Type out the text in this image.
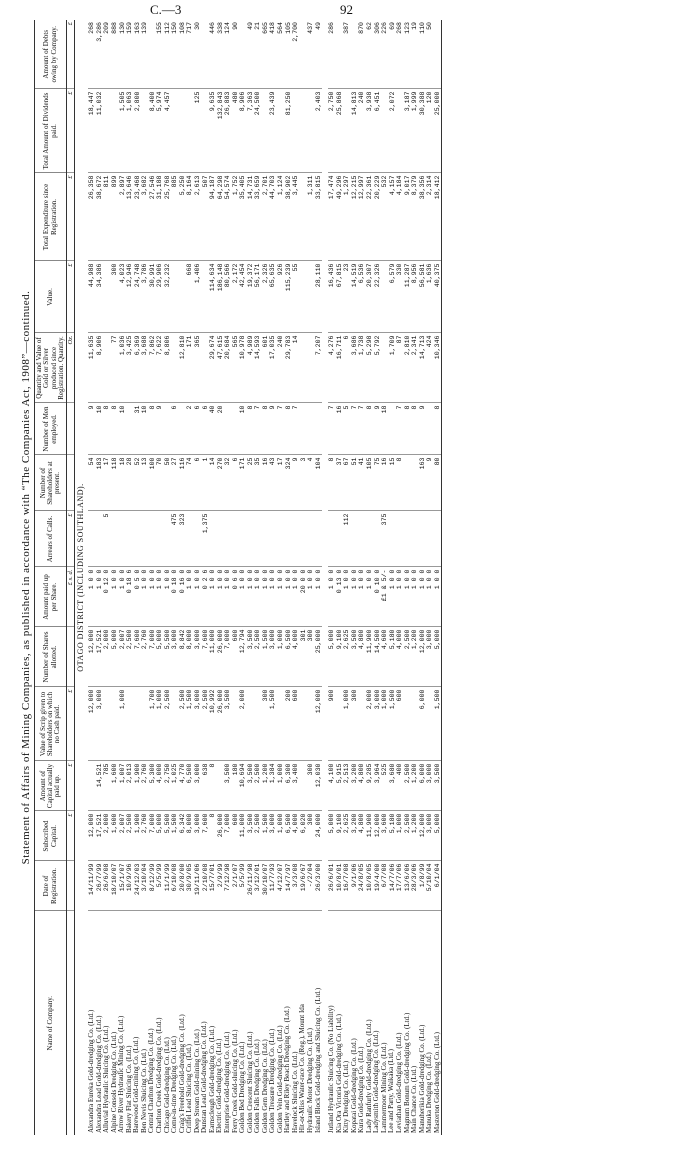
C.—3	92
Statement of Affairs of Mining Companies, as published in accordance with “The Companies Act, 1908”—continued.
Name of Company.	Date of Registration.	Subscribed Capital.	Amount of Capital actually paid up.	Value of Scrip given to Shareholders on which no Cash paid.	Number of Shares allotted.	Amount paid up per Share.	Arrears of Calls.	Number of Shareholders at present.	Number of Men employed.	Quantity and Value of Gold or Silver produced since Registration. Quantity.	Value.	Total Expenditure since Registration.	Total Amount of Dividends paid.	Amount of Debts owing by Company.
		£	£	£		£ s. d.	£			Oz.	£	£	£	£
OTAGO DISTRICT (INCLUDING SOUTHLAND).														
Alexandra Eureka Gold-dredging Co. (Ltd.)	14/11/99	12,000		12,000	12,000	1 0 0		54	9	11,635	44,988	26,358	18,447	268
Alexandra Lead Gold-dredging Co. (Ltd.)	26/7/99	17,521	14,521	3,000	17,521	1 0 0		183	10	8,906	34,386	38,672	11,032	3,286
Alluvial Hydraulic Sluicing Co. (Ltd.)	26/6/08	2,000	785		2,000	0 12 0	5	17	8			811		209
Alpine Consols Dredging Co. (Ltd.)	18/10/07	1,600	1,600		5,000	1 0 0		118	8	77	300	899		888
Arrow River Hydraulic Mining Co. (Ltd.)	15/1/07	2,007	1,007	1,000	2,007	1 0 0		18	10	1,036	4,023	2,897	1,505	130
Bakery Flat Sluicing Co. (Ltd.)	10/9/96	2,500	2,013		2,500	0 18 6		28		3,425	12,946	13,646	1,063	159
Barewood Gold-mining Co. (Ltd.)	24/12/03	1,900	1,900		7,600	0 5 0		52	31	6,369	24,748	23,468	2,800	163
Ben Nevis Sluicing Co. (Ltd.)	3/10/04	2,760	2,760		2,760	1 0 0		13	10	3,688	3,786	3,682		139
Central Charlton Dredging Co. (Ltd.)	8/12/99	7,000	5,300	1,700	7,000	1 0 0		100	8	7,862	30,991	27,546	8,400	
Charlton Creek Gold-dredging Co. (Ltd.)	5/5/99	5,000	4,000	1,000	5,000	1 0 0		70	9	7,622	29,906	31,188	5,974	155
Chicago Gold-dredging Co. (Ltd.)	11/1/99	5,500	2,750	2,500	5,500	1 0 0		50		8,806	32,232	25,768	4,457	112
Come-in-time Dredging Co. (Ltd.)	6/10/08	1,500	1,025		3,000	0 18 0	475	27	6			885		150
Craig's Freehold Gold-dredging Co. (Ltd.)	20/8/00	6,342	4,770	2,500	8,842	0 16 0	323	116		12,810		5,250		108
Criffel Lead Sluicing Co. (Ltd.)	30/9/05	8,000	6,500	1,500	8,000	1 0 0		74	2	171	668	8,164		717
Deep Stream Gold-mining Co. (Ltd.)	19/11/06	3,000	3,000	3,000	3,000	1 0 0		6	6	365	1,406	2,613	125	30
Dunstan Lead Gold-dredging Co. (Ltd.)	2/10/08	7,600	638	2,500	7,600	0 2 6	1,375	1	6			507		
Earnscleugh Gold-dredging Co. (Ltd.)	15/7/01	8	8	10,992	11,000	1 0 0		14	40	29,674	114,634	94,187	9,635	446
Electric Gold-dredging Co. (Ltd.)	2/9/99	26,000		26,000	26,000	1 0 0		270	20	47,615	186,148	64,298	132,843	338
Enterprise Gold-dredging Co. (Ltd.)	7/12/98	7,000	3,500	3,500	7,000	1 0 0		32		20,684	80,566	54,574	26,883	124
Ferry Creek Gold-sluicing Co. (Ltd.)	2/1/07	600	180		600	0 6 0		6		565	2,172	1,752	480	90
Golden Bed Dredging Co. (Ltd.)	5/5/99	11,000	10,694	2,000	12,794	1 0 0		171	10	10,978	42,454	35,405	8,906	
Golden Crescent Sluicing Co. (Ltd.)	26/11/98	3,500	3,500		3,500	1 0 0		25	8	4,989	19,372	14,731	7,363	49
Golden Falls Dredging Co. (Ltd.)	3/12/01	2,500	2,500		2,500	1 0 0		35	7	14,593	56,171	33,659	24,500	21
Golden Gem Dredging Co. (Ltd.)	30/10/07	1,500	1,200	300	1,500	1 0 0		16	8	601	2,326	2,701		665
Golden Treasure Dredging Co. (Ltd.)	11/7/93	3,000	1,384	1,500	3,000	1 0 0		43	9	17,035	65,635	44,703	23,439	418
Golden Vein Gold-dredging Co. (Ltd.)	4/12/07	1,000	1,000		1,000	1 0 0		17	7	240	926	1,124		564
Hartley and Riley Beach Dredging Co. (Ltd.)	14/7/97	6,500	6,300	200	6,500	1 0 0		324	8	29,783	115,239	38,902	81,250	105
Havelock Sluicing Co. (Ltd.)	3/3/08	4,000	3,400	600	4,000	1 0 0		9	7	14	55	3,445		2,700
Hit-or-Miss Water-race Co. (Reg.), Mount Ida	19/6/67	6,020			301	20 0 0		3						
Hydraulic Motor Dredging Co. (Ltd.)	-/2/04	300	300		300	1 0 0		4				1,311		437
Island Block Gold-dredging and Sluicing Co. (Ltd.)	26/3/00	24,000	12,030	12,000	25,000	1 0 0		104		7,207	28,110	33,815	2,403	49

Jutland Hydraulic Sluicing Co. (No Liability)	26/6/01	5,000	4,100	900	5,000	1 0 0		8	7	4,276	16,436	17,474	2,750	286
Kia Ora Victoria Gold-dredging Co. (Ltd.)	10/8/01	9,100	5,915		9,100	0 13 0		37	16	16,711	67,815	49,296	25,868	
Kitty Dredging Co. (Ltd.)	16/7/08	2,625	2,513	1,000	2,625	1 0 0	112	67	5	6	23	1,297		387
Kopatai Gold-dredging Co. (Ltd.)	9/1/06	3,200	3,200	300	3,500	1 0 0		51	7	3,686	14,519	12,215	14,813	
Kura Gold-dredging Co. (Ltd.)	24/8/05	4,800	4,800		4,800	1 0 0		41	7	1,738	6,536	12,997	240	870
Lady Ranfurly Gold-dredging Co. (Ltd.)	10/8/05	11,900	9,285	2,000	11,900	1 0 0		105	8	5,298	20,307	22,361	3,938	62
Ladysmith Gold-dredging Co. (Ltd.)	19/4/00	12,000	3,964	3,000	14,500	0 10 0		75	9	5,792	22,326	20,229	6,451	306
Lammermoor Mining Co. (Ltd.)	6/7/08	3,600	525	1,000	4,600	£1 & 5/-	375	16	18			532		226
Lee and Party, Waikaka (Ltd.)	14/7/06	5,180	3,680	1,500	5,180	1 0 0		15		1,709	6,579	4,157	2,072	69
Leviathan Gold-dredging Co. (Ltd.)	17/7/06	1,000	400	600	4,000	1 0 0		8	7	87	330	4,184		268
Magnum Bonum Gold-dredging Co. (Ltd.)	13/6/06	2,500	2,500		2,500	1 0 0			8	2,810	11,287	9,017	3,187	123
Main Chance Co. (Ltd.)	28/3/06	1,200	1,200		1,200	1 0 0			8	2,341	8,956	8,379	1,999	19
Manuherikia Gold-dredging Co. (Ltd.)	1/8/99	12,000	6,000	6,000	12,000	1 0 0		163	9	14,713	56,581	38,356	30,388	110
Manuka Dredging Co. (Ltd.)	5/10/04	3,000	3,000		3,000	1 0 0		9		424	1,636	2,314	120	50
Masterton Gold-dredging Co. (Ltd.)	6/1/04	5,000	3,500	1,500	5,000	1 0 0		80	8	10,346	40,375	18,412	25,000	
